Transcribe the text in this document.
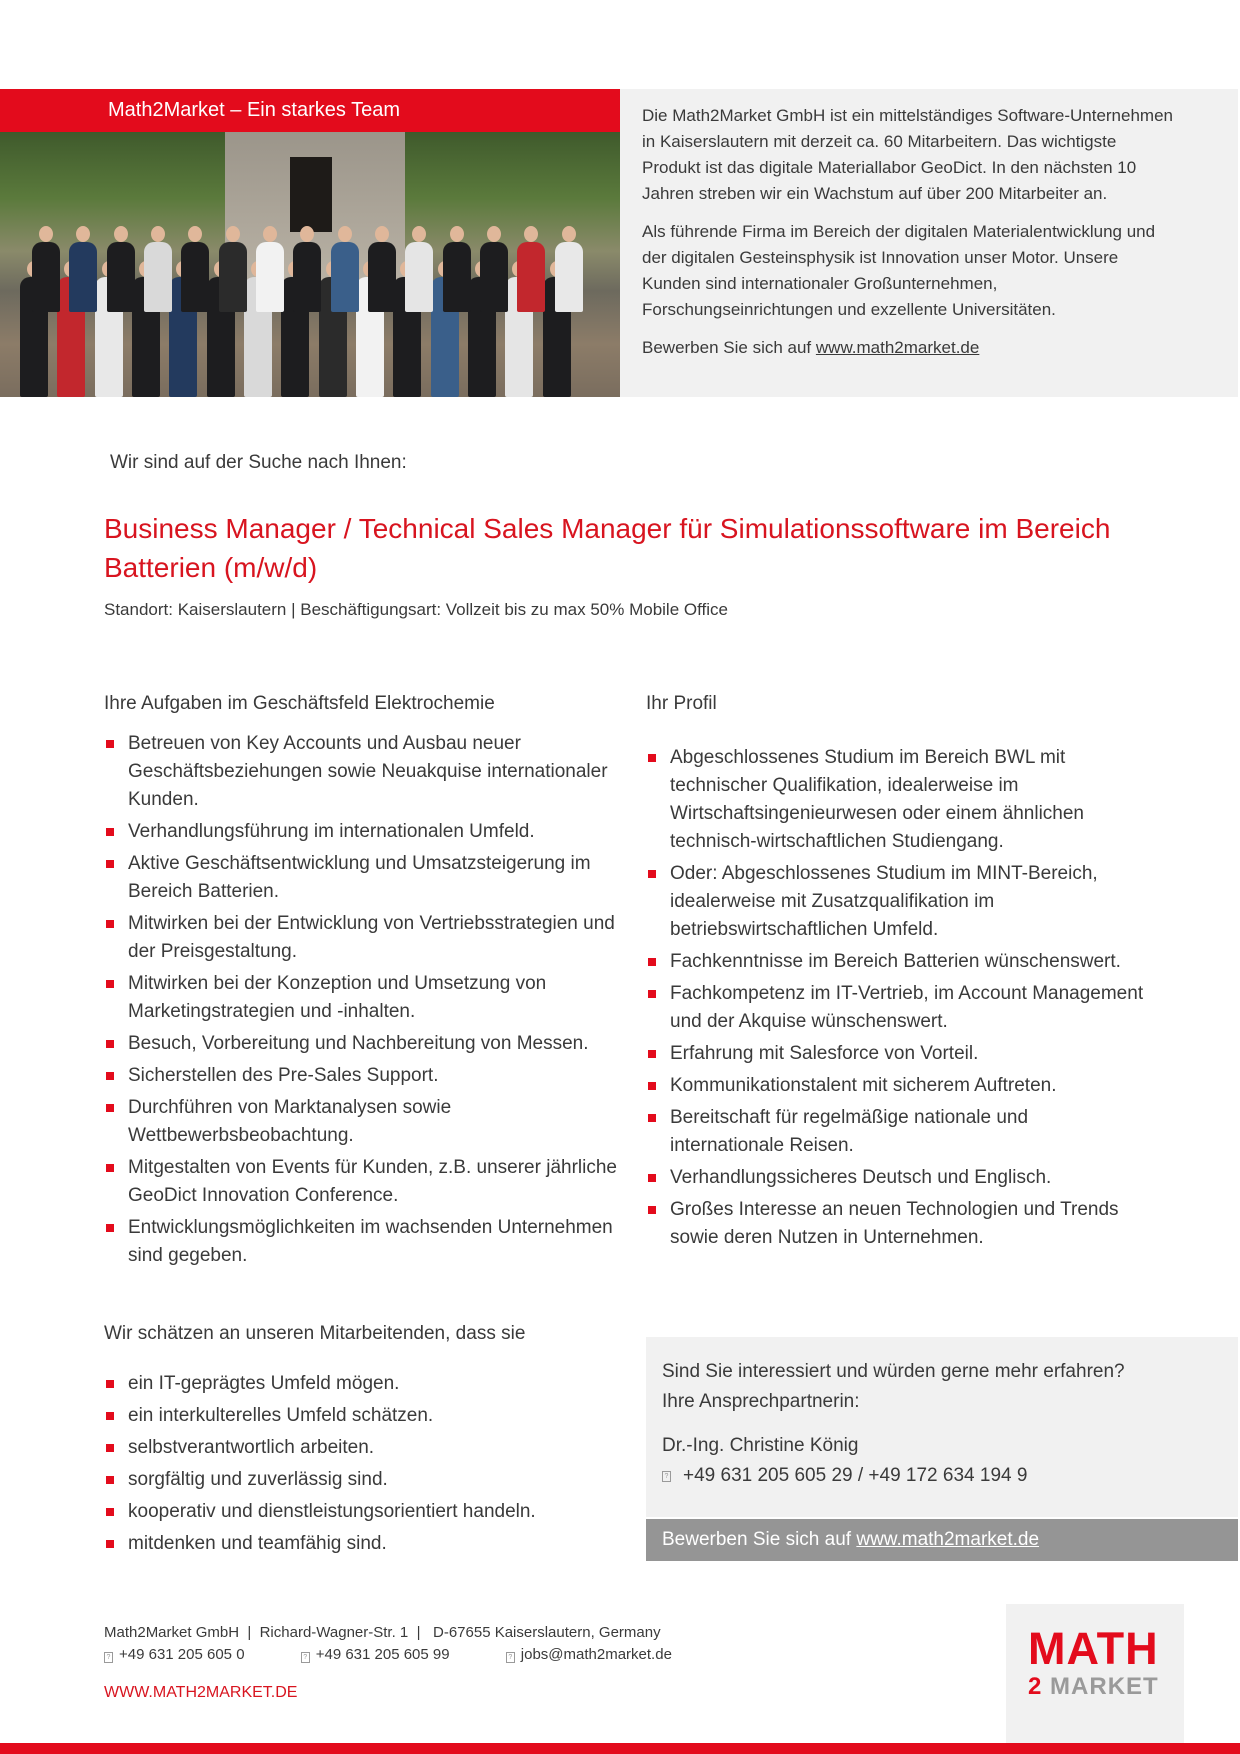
Math2Market – Ein starkes Team	Die Math2Market GmbH ist ein mittelständiges Software-Unternehmen in Kaiserslautern mit derzeit ca. 60 Mitarbeitern. Das wichtigste Produkt ist das digitale Materiallabor GeoDict. In den nächsten 10 Jahren streben wir ein Wachstum auf über 200 Mitarbeiter an.

Als führende Firma im Bereich der digitalen Materialentwicklung und der digitalen Gesteinsphysik ist Innovation unser Motor. Unsere Kunden sind internationaler Großunternehmen, Forschungseinrichtungen und exzellente Universitäten.

Bewerben Sie sich auf www.math2market.de

Wir sind auf der Suche nach Ihnen:
Business Manager / Technical Sales Manager für Simulationssoftware im Bereich Batterien (m/w/d)
Standort: Kaiserslautern | Beschäftigungsart: Vollzeit bis zu max 50% Mobile Office
Ihre Aufgaben im Geschäftsfeld Elektrochemie
Betreuen von Key Accounts und Ausbau neuer Geschäftsbeziehungen sowie Neuakquise internationaler Kunden.
Verhandlungsführung im internationalen Umfeld.
Aktive Geschäftsentwicklung und Umsatzsteigerung im Bereich Batterien.
Mitwirken bei der Entwicklung von Vertriebsstrategien und der Preisgestaltung.
Mitwirken bei der Konzeption und Umsetzung von Marketingstrategien und -inhalten.
Besuch, Vorbereitung und Nachbereitung von Messen.
Sicherstellen des Pre-Sales Support.
Durchführen von Marktanalysen sowie Wettbewerbsbeobachtung.
Mitgestalten von Events für Kunden, z.B. unserer jährliche GeoDict Innovation Conference.
Entwicklungsmöglichkeiten im wachsenden Unternehmen sind gegeben.
Ihr Profil
Abgeschlossenes Studium im Bereich BWL mit technischer Qualifikation, idealerweise im Wirtschaftsingenieurwesen oder einem ähnlichen technisch-wirtschaftlichen Studiengang.
Oder: Abgeschlossenes Studium im MINT-Bereich, idealerweise mit Zusatzqualifikation im betriebswirtschaftlichen Umfeld.
Fachkenntnisse im Bereich Batterien wünschenswert.
Fachkompetenz im IT-Vertrieb, im Account Management und der Akquise wünschenswert.
Erfahrung mit Salesforce von Vorteil.
Kommunikationstalent mit sicherem Auftreten.
Bereitschaft für regelmäßige nationale und internationale Reisen.
Verhandlungssicheres Deutsch und Englisch.
Großes Interesse an neuen Technologien und Trends sowie deren Nutzen in Unternehmen.
Wir schätzen an unseren Mitarbeitenden, dass sie
ein IT-geprägtes Umfeld mögen.
ein interkulterelles Umfeld schätzen.
selbstverantwortlich arbeiten.
sorgfältig und zuverlässig sind.
kooperativ und dienstleistungsorientiert handeln.
mitdenken und teamfähig sind.
Sind Sie interessiert und würden gerne mehr erfahren?
Ihre Ansprechpartnerin:
Dr.-Ing. Christine König
? +49 631 205 605 29 / +49 172 634 194 9
Bewerben Sie sich auf www.math2market.de
Math2Market GmbH  |  Richard-Wagner-Str. 1  |   D-67655 Kaiserslautern, Germany
? +49 631 205 605 0	? +49 631 205 605 99	? jobs@math2market.de
WWW.MATH2MARKET.DE
MATH
2 MARKET
